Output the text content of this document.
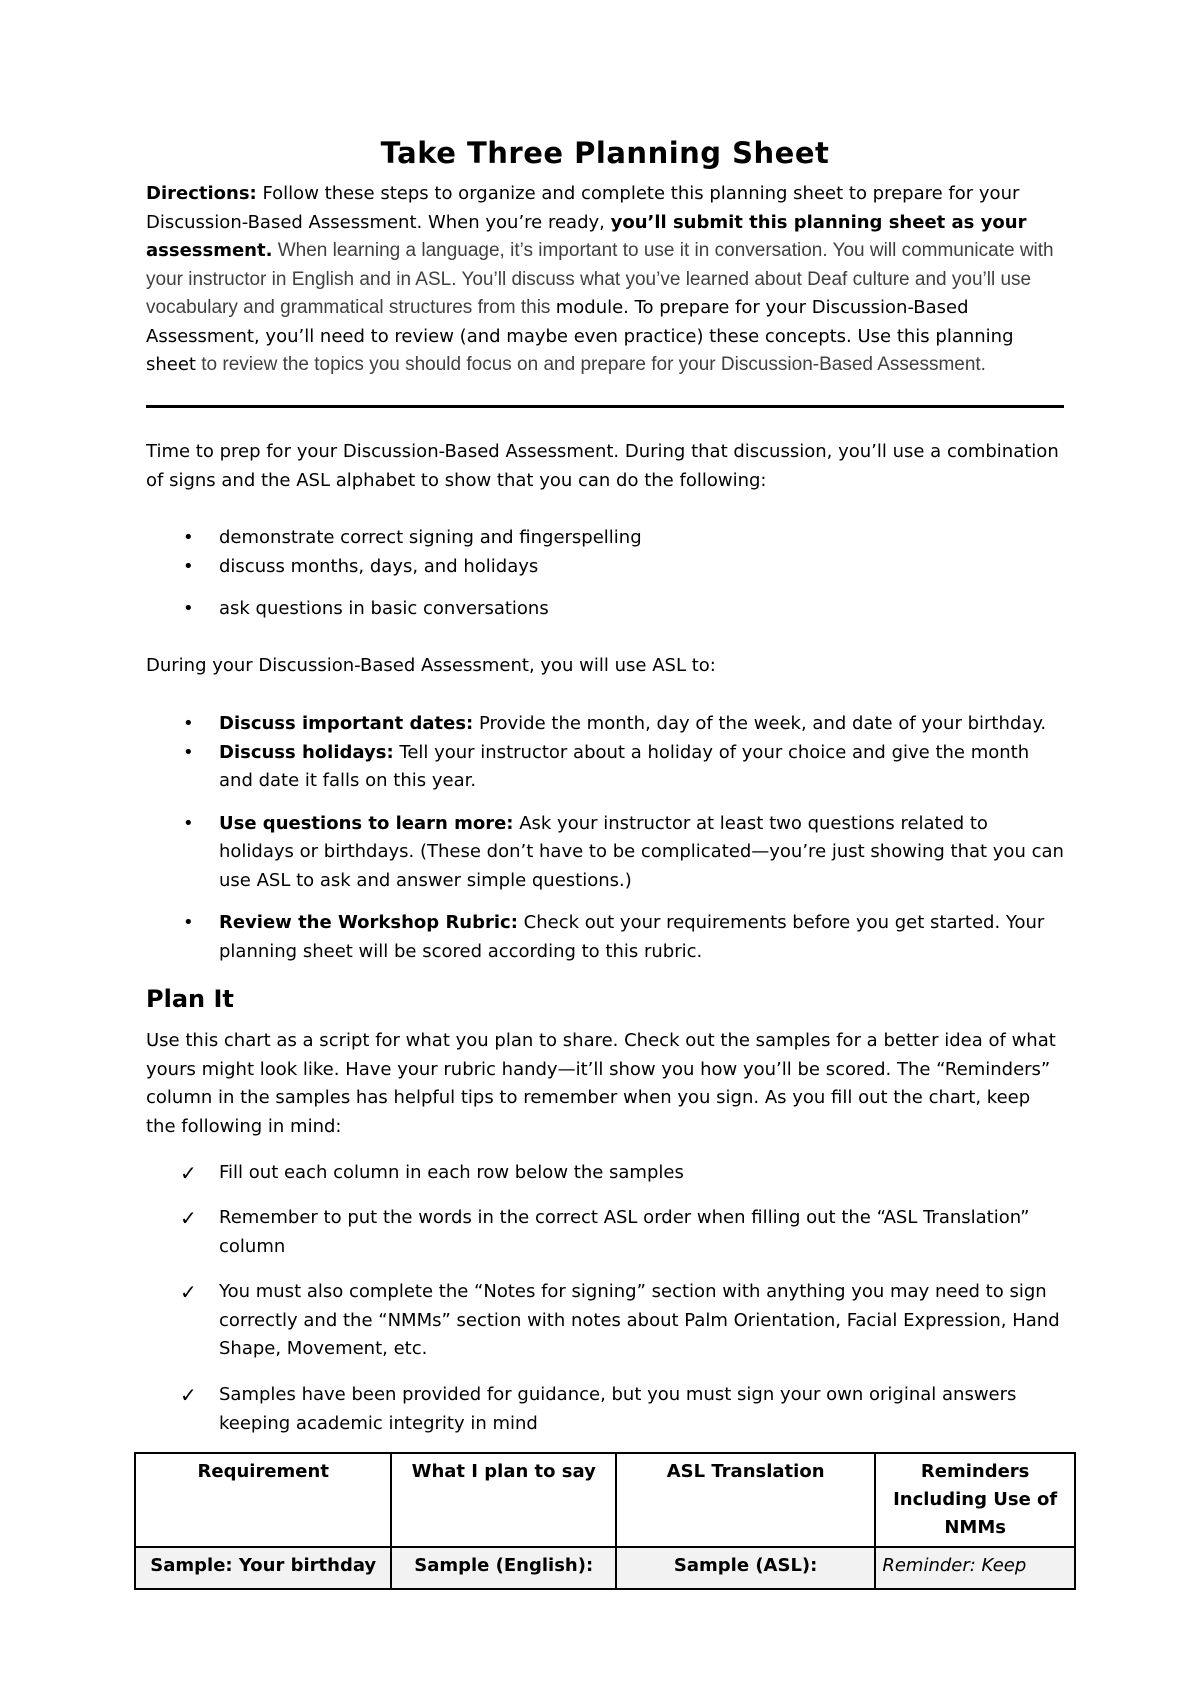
Take Three Planning Sheet
Directions: Follow these steps to organize and complete this planning sheet to prepare for your Discussion-Based Assessment. When you’re ready, you’ll submit this planning sheet as your assessment. When learning a language, it’s important to use it in conversation. You will communicate with your instructor in English and in ASL. You’ll discuss what you’ve learned about Deaf culture and you’ll use vocabulary and grammatical structures from this module. To prepare for your Discussion-Based Assessment, you’ll need to review (and maybe even practice) these concepts. Use this planning sheet to review the topics you should focus on and prepare for your Discussion-Based Assessment.
Time to prep for your Discussion-Based Assessment. During that discussion, you’ll use a combination of signs and the ASL alphabet to show that you can do the following:
• demonstrate correct signing and fingerspelling
• discuss months, days, and holidays
• ask questions in basic conversations
During your Discussion-Based Assessment, you will use ASL to:
• Discuss important dates: Provide the month, day of the week, and date of your birthday.
• Discuss holidays: Tell your instructor about a holiday of your choice and give the month and date it falls on this year.
• Use questions to learn more: Ask your instructor at least two questions related to holidays or birthdays. (These don’t have to be complicated—you’re just showing that you can use ASL to ask and answer simple questions.)
• Review the Workshop Rubric: Check out your requirements before you get started. Your planning sheet will be scored according to this rubric.
Plan It
Use this chart as a script for what you plan to share. Check out the samples for a better idea of what yours might look like. Have your rubric handy—it’ll show you how you’ll be scored. The “Reminders” column in the samples has helpful tips to remember when you sign. As you fill out the chart, keep the following in mind:
✓ Fill out each column in each row below the samples
✓ Remember to put the words in the correct ASL order when filling out the “ASL Translation” column
✓ You must also complete the “Notes for signing” section with anything you may need to sign correctly and the “NMMs” section with notes about Palm Orientation, Facial Expression, Hand Shape, Movement, etc.
✓ Samples have been provided for guidance, but you must sign your own original answers keeping academic integrity in mind
Requirement	What I plan to say	ASL Translation	Reminders Including Use of NMMs
Sample: Your birthday	Sample (English):	Sample (ASL):	Reminder: Keep
